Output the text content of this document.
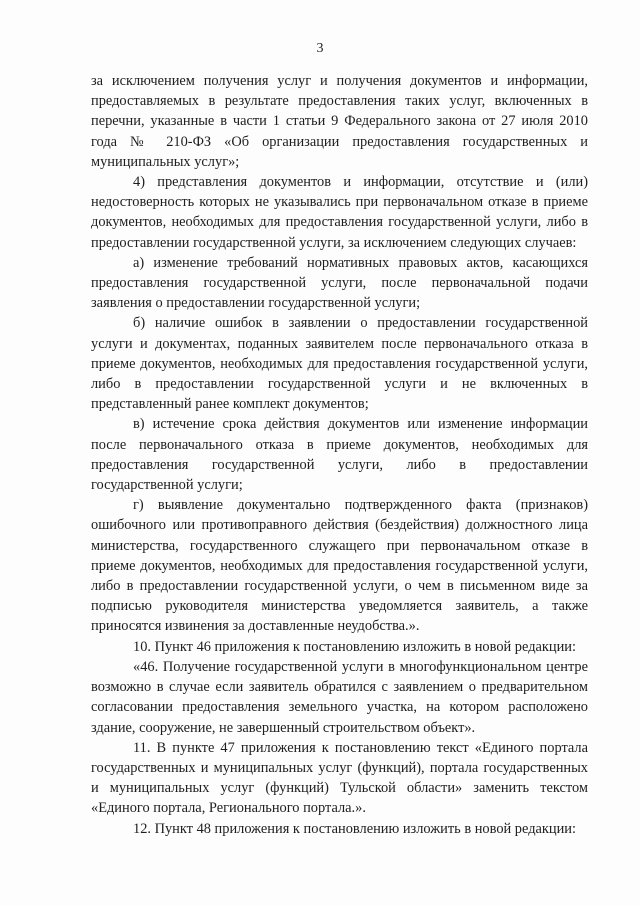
3

за исключением получения услуг и получения документов и информации, предоставляемых в результате предоставления таких услуг, включенных в перечни, указанные в части 1 статьи 9 Федерального закона от 27 июля 2010 года № 210-ФЗ «Об организации предоставления государственных и муниципальных услуг»;

4) представления документов и информации, отсутствие и (или) недостоверность которых не указывались при первоначальном отказе в приеме документов, необходимых для предоставления государственной услуги, либо в предоставлении государственной услуги, за исключением следующих случаев:

а) изменение требований нормативных правовых актов, касающихся предоставления государственной услуги, после первоначальной подачи заявления о предоставлении государственной услуги;

б) наличие ошибок в заявлении о предоставлении государственной услуги и документах, поданных заявителем после первоначального отказа в приеме документов, необходимых для предоставления государственной услуги, либо в предоставлении государственной услуги и не включенных в представленный ранее комплект документов;

в) истечение срока действия документов или изменение информации после первоначального отказа в приеме документов, необходимых для предоставления государственной услуги, либо в предоставлении государственной услуги;

г) выявление документально подтвержденного факта (признаков) ошибочного или противоправного действия (бездействия) должностного лица министерства, государственного служащего при первоначальном отказе в приеме документов, необходимых для предоставления государственной услуги, либо в предоставлении государственной услуги, о чем в письменном виде за подписью руководителя министерства уведомляется заявитель, а также приносятся извинения за доставленные неудобства.».

10. Пункт 46 приложения к постановлению изложить в новой редакции:

«46. Получение государственной услуги в многофункциональном центре возможно в случае если заявитель обратился с заявлением о предварительном согласовании предоставления земельного участка, на котором расположено здание, сооружение, не завершенный строительством объект».

11. В пункте 47 приложения к постановлению текст «Единого портала государственных и муниципальных услуг (функций), портала государственных и муниципальных услуг (функций) Тульской области» заменить текстом «Единого портала, Регионального портала.».

12. Пункт 48 приложения к постановлению изложить в новой редакции:
